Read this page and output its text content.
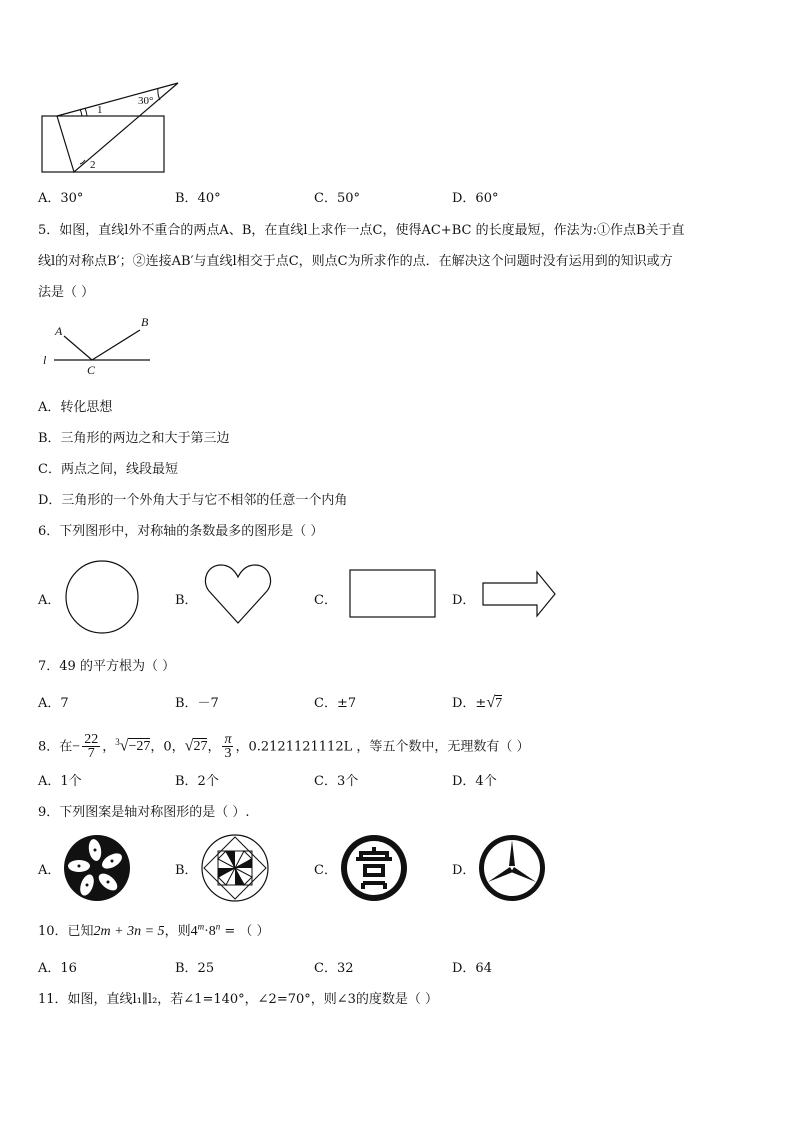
30°
1
2
A．30°	B．40°	C．50°	D．60°
5．如图，直线l外不重合的两点A、B，在直线l上求作一点C，使得AC+BC 的长度最短，作法为:①作点B关于直
线l的对称点B′；②连接AB′与直线l相交于点C，则点C为所求作的点．在解决这个问题时没有运用到的知识或方
法是（ ）
A
B
C
l
A．转化思想
B．三角形的两边之和大于第三边
C．两点之间，线段最短
D．三角形的一个外角大于与它不相邻的任意一个内角
6．下列图形中，对称轴的条数最多的图形是（ ）
A．	B．	C．	D．
7．49 的平方根为（ ）
A．7	B．－7	C．±7	D．±√7
8．在− $\frac{22}{7}$ ，$^3$√−27，0，√27， $\frac{\pi}{3}$ ，0.2121121112L ，等五个数中，无理数有（ ）
A．1个	B．2个	C．3个	D．4个
9．下列图案是轴对称图形的是（ ）.
A．	B．	C．	D．
10．已知2m + 3n = 5，则$4^m\cdot 8^n$ = （ ）
A．16	B．25	C．32	D．64
11．如图，直线l₁∥l₂，若∠1=140°，∠2=70°，则∠3的度数是（ ）
